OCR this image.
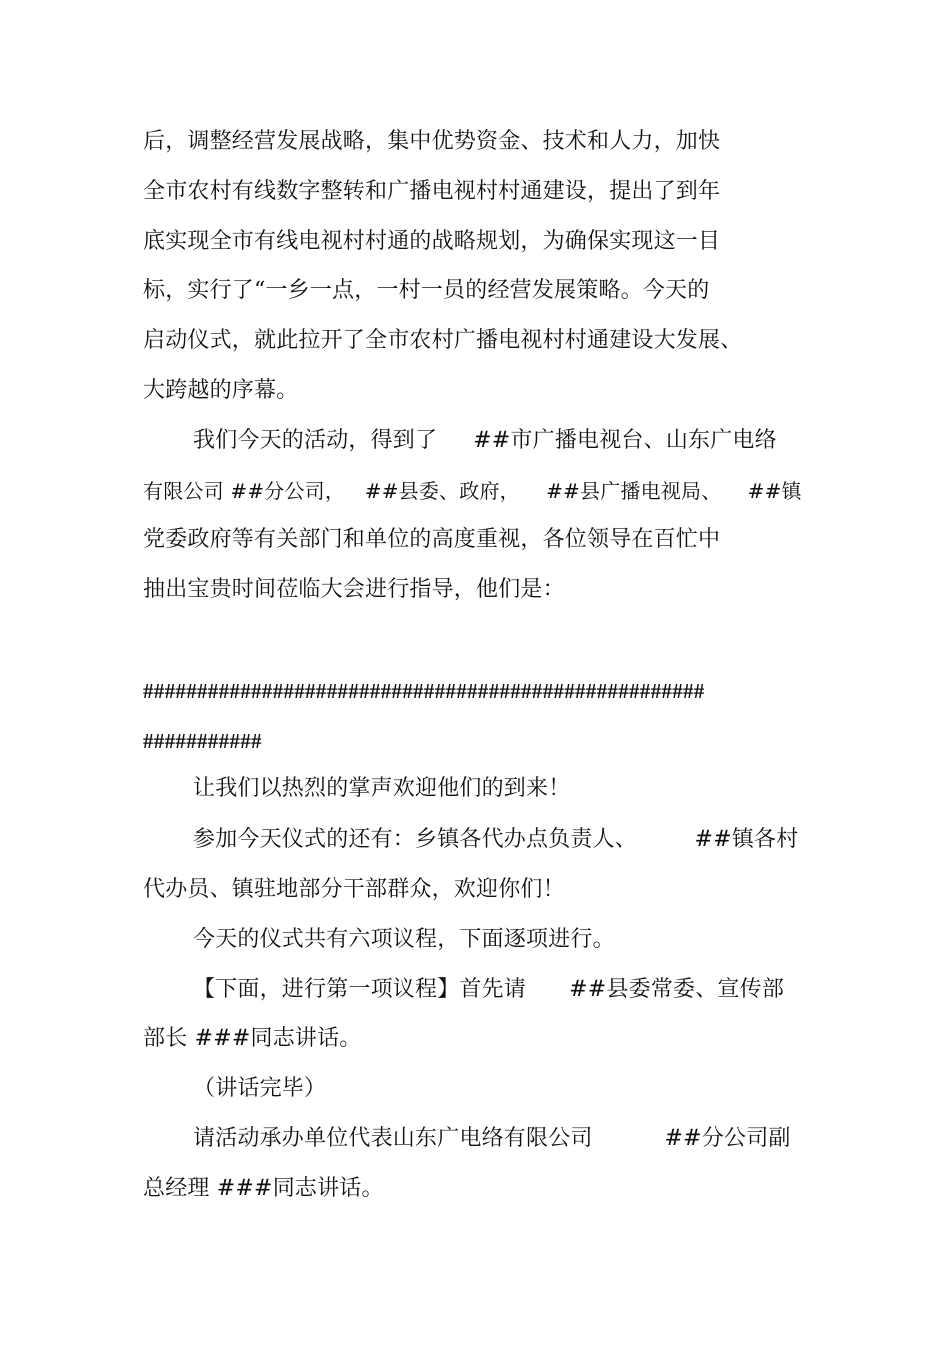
后，调整经营发展战略，集中优势资金、技术和人力，加快
全市农村有线数字整转和广播电视村村通建设，提出了到年
底实现全市有线电视村村通的战略规划，为确保实现这一目
标，实行了“一乡一点，一村一员的经营发展策略。今天的
启动仪式，就此拉开了全市农村广播电视村村通建设大发展、
大跨越的序幕。
我们今天的活动，得到了     ##市广播电视台、山东广电络
有限公司 ##分公司，   ##县委、政府，    ##县广播电视局、    ##镇
党委政府等有关部门和单位的高度重视，各位领导在百忙中
抽出宝贵时间莅临大会进行指导，他们是：
####################################################
###########
让我们以热烈的掌声欢迎他们的到来！
参加今天仪式的还有：乡镇各代办点负责人、        ##镇各村
代办员、镇驻地部分干部群众，欢迎你们！
今天的仪式共有六项议程，下面逐项进行。
【下面，进行第一项议程】首先请      ##县委常委、宣传部
部长 ###同志讲话。
（讲话完毕）
请活动承办单位代表山东广电络有限公司          ##分公司副
总经理 ###同志讲话。
